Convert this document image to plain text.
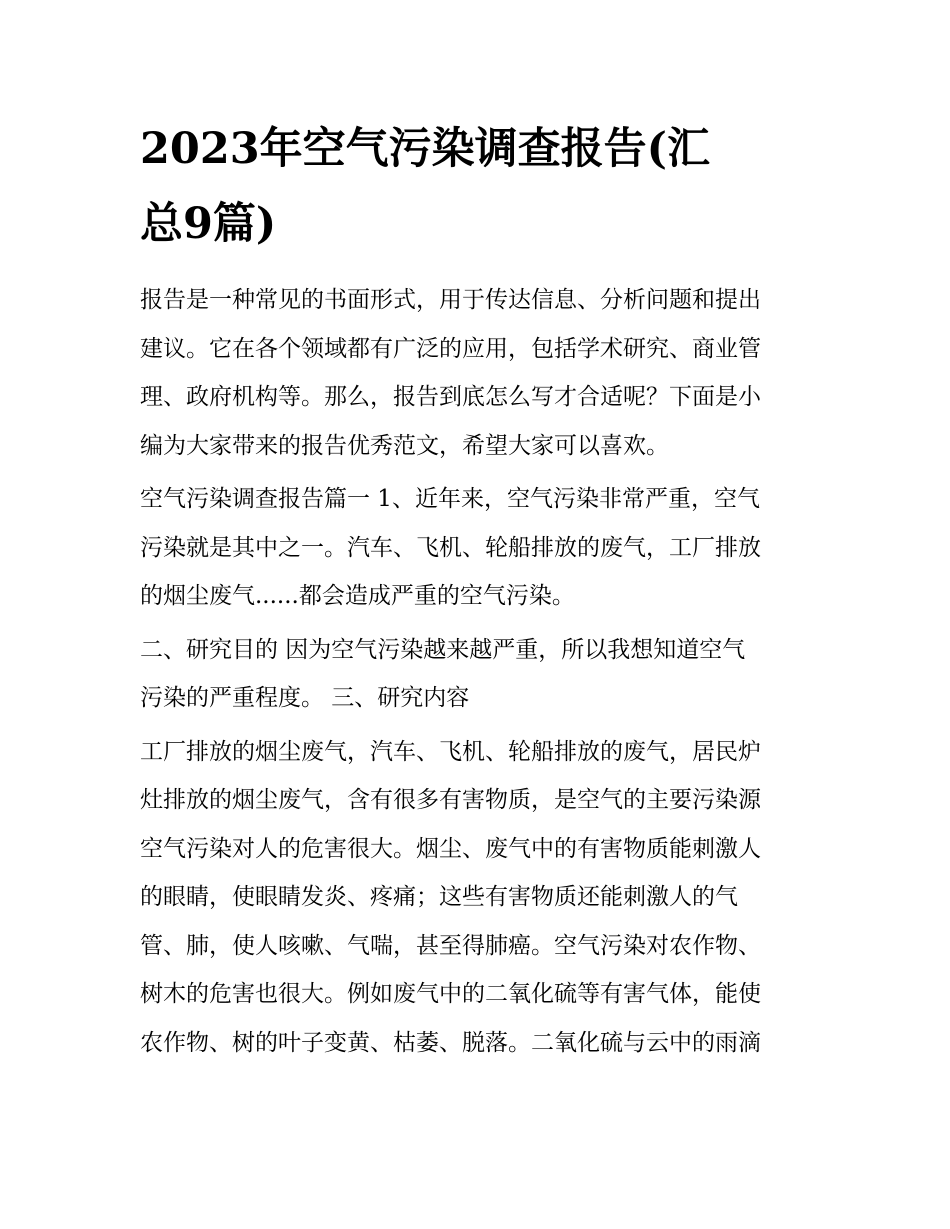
2023年空气污染调查报告(汇
总9篇)

报告是一种常见的书面形式，用于传达信息、分析问题和提出
建议。它在各个领域都有广泛的应用，包括学术研究、商业管
理、政府机构等。那么，报告到底怎么写才合适呢？下面是小
编为大家带来的报告优秀范文，希望大家可以喜欢。

空气污染调查报告篇一 1、近年来，空气污染非常严重，空气
污染就是其中之一。汽车、飞机、轮船排放的废气，工厂排放
的烟尘废气......都会造成严重的空气污染。

二、研究目的 因为空气污染越来越严重，所以我想知道空气
污染的严重程度。 三、研究内容

工厂排放的烟尘废气，汽车、飞机、轮船排放的废气，居民炉
灶排放的烟尘废气，含有很多有害物质，是空气的主要污染源
空气污染对人的危害很大。烟尘、废气中的有害物质能刺激人
的眼睛，使眼睛发炎、疼痛；这些有害物质还能刺激人的气
管、肺，使人咳嗽、气喘，甚至得肺癌。空气污染对农作物、
树木的危害也很大。例如废气中的二氧化硫等有害气体，能使
农作物、树的叶子变黄、枯萎、脱落。二氧化硫与云中的雨滴
